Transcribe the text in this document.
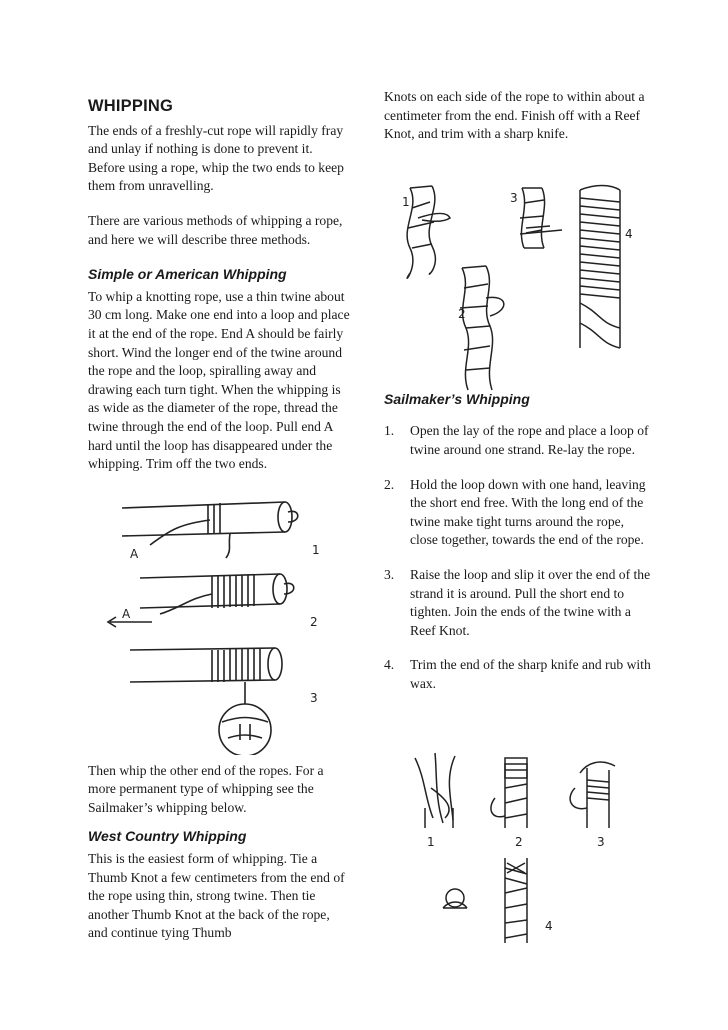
WHIPPING

The ends of a freshly-cut rope will rapidly fray and unlay if nothing is done to prevent it. Before using a rope, whip the two ends to keep them from unravelling.

There are various methods of whipping a rope, and here we will describe three methods.

Simple or American Whipping

To whip a knotting rope, use a thin twine about 30 cm long. Make one end into a loop and place it at the end of the rope. End A should be fairly short. Wind the longer end of the twine around the rope and the loop, spiralling away and drawing each turn tight. When the whipping is as wide as the diameter of the rope, thread the twine through the end of the loop. Pull end A hard until the loop has disappeared under the whipping. Trim off the two ends.

Then whip the other end of the ropes. For a more permanent type of whipping see the Sailmaker’s whipping below.

West Country Whipping

This is the easiest form of whipping. Tie a Thumb Knot a few centimeters from the end of the rope using thin, strong twine. Then tie another Thumb Knot at the back of the rope, and continue tying Thumb

A	1
A
2
3

Knots on each side of the rope to within about a centimeter from the end. Finish off with a Reef Knot, and trim with a sharp knife.

Sailmaker’s Whipping
1. Open the lay of the rope and place a loop of twine around one strand. Re-lay the rope.
2. Hold the loop down with one hand, leaving the short end free. With the long end of the twine make tight turns around the rope, close together, towards the end of the rope.
3. Raise the loop and slip it over the end of the strand it is around. Pull the short end to tighten. Join the ends of the twine with a Reef Knot.
4. Trim the end of the sharp knife and rub with wax.
1	3
2
4
1	2	3
4
